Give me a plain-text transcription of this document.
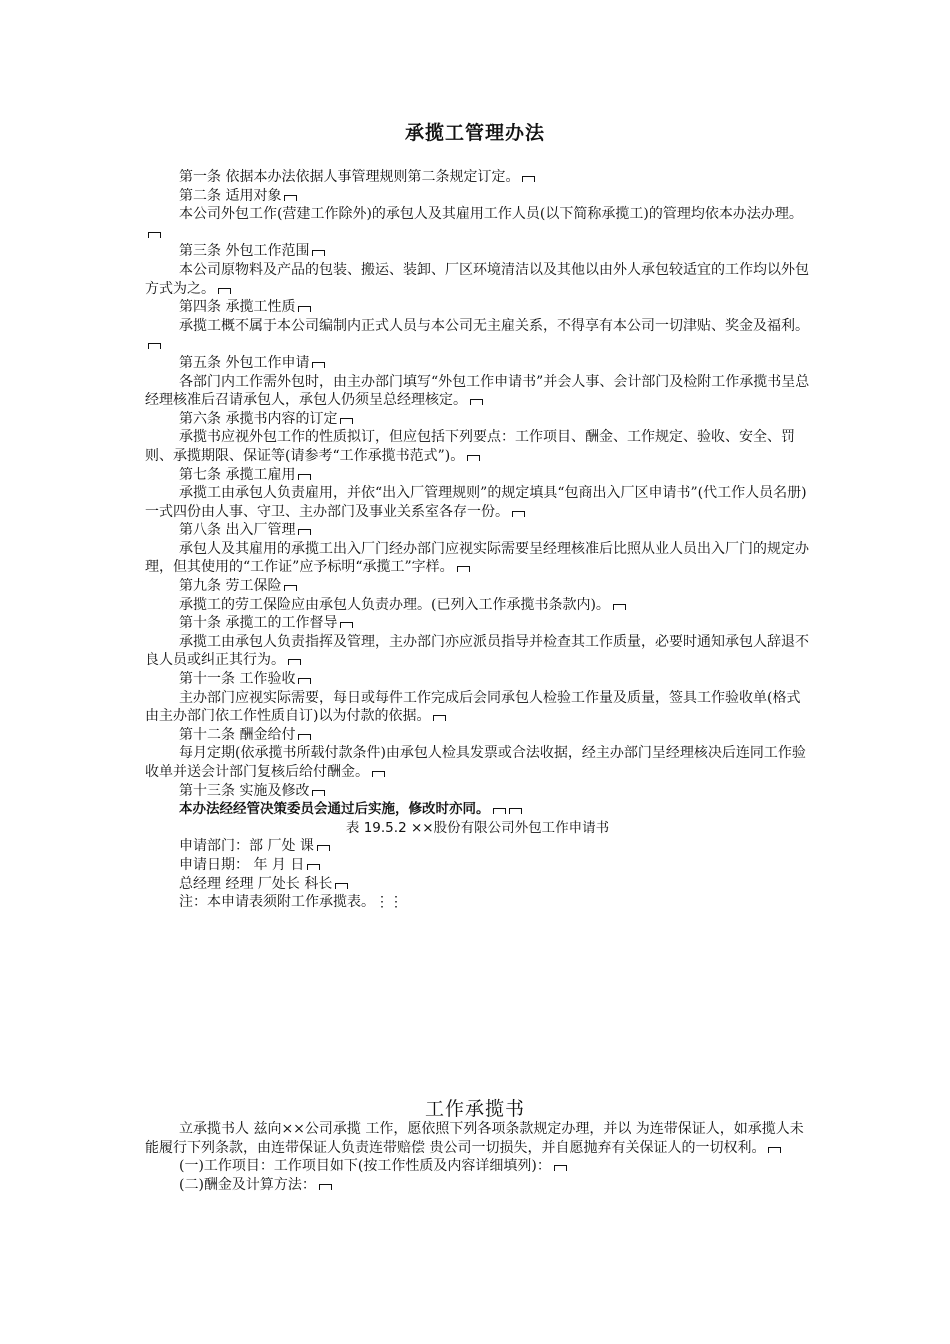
承揽工管理办法

第一条 依据本办法依据人事管理规则第二条规定订定。

第二条 适用对象

本公司外包工作(营建工作除外)的承包人及其雇用工作人员(以下简称承揽工)的管理均依本办法办理。

第三条 外包工作范围

本公司原物料及产品的包装、搬运、装卸、厂区环境清洁以及其他以由外人承包较适宜的工作均以外包方式为之。

第四条 承揽工性质

承揽工概不属于本公司编制内正式人员与本公司无主雇关系，不得享有本公司一切津贴、奖金及福利。

第五条 外包工作申请

各部门内工作需外包时，由主办部门填写“外包工作申请书”并会人事、会计部门及检附工作承揽书呈总经理核准后召请承包人，承包人仍须呈总经理核定。

第六条 承揽书内容的订定

承揽书应视外包工作的性质拟订，但应包括下列要点：工作项目、酬金、工作规定、验收、安全、罚则、承揽期限、保证等(请参考“工作承揽书范式”)。

第七条 承揽工雇用

承揽工由承包人负责雇用，并依“出入厂管理规则”的规定填具“包商出入厂区申请书”(代工作人员名册)一式四份由人事、守卫、主办部门及事业关系室各存一份。

第八条 出入厂管理

承包人及其雇用的承揽工出入厂门经办部门应视实际需要呈经理核准后比照从业人员出入厂门的规定办理，但其使用的“工作证”应予标明“承揽工”字样。

第九条 劳工保险

承揽工的劳工保险应由承包人负责办理。(已列入工作承揽书条款内)。

第十条 承揽工的工作督导

承揽工由承包人负责指挥及管理，主办部门亦应派员指导并检查其工作质量，必要时通知承包人辞退不良人员或纠正其行为。

第十一条 工作验收

主办部门应视实际需要，每日或每件工作完成后会同承包人检验工作量及质量，签具工作验收单(格式由主办部门依工作性质自订)以为付款的依据。

第十二条 酬金给付

每月定期(依承揽书所载付款条件)由承包人检具发票或合法收据，经主办部门呈经理核决后连同工作验收单并送会计部门复核后给付酬金。

第十三条 实施及修改

本办法经经管决策委员会通过后实施，修改时亦同。

表 19.5.2 ××股份有限公司外包工作申请书

申请部门：部 厂处 课

申请日期： 年 月 日

总经理 经理 厂处长 科长

注：本申请表须附工作承揽表。⋮⋮

工作承揽书

立承揽书人 兹向××公司承揽 工作，愿依照下列各项条款规定办理，并以 为连带保证人，如承揽人未能履行下列条款，由连带保证人负责连带赔偿 贵公司一切损失，并自愿抛弃有关保证人的一切权利。

(一)工作项目：工作项目如下(按工作性质及内容详细填列)：

(二)酬金及计算方法：
